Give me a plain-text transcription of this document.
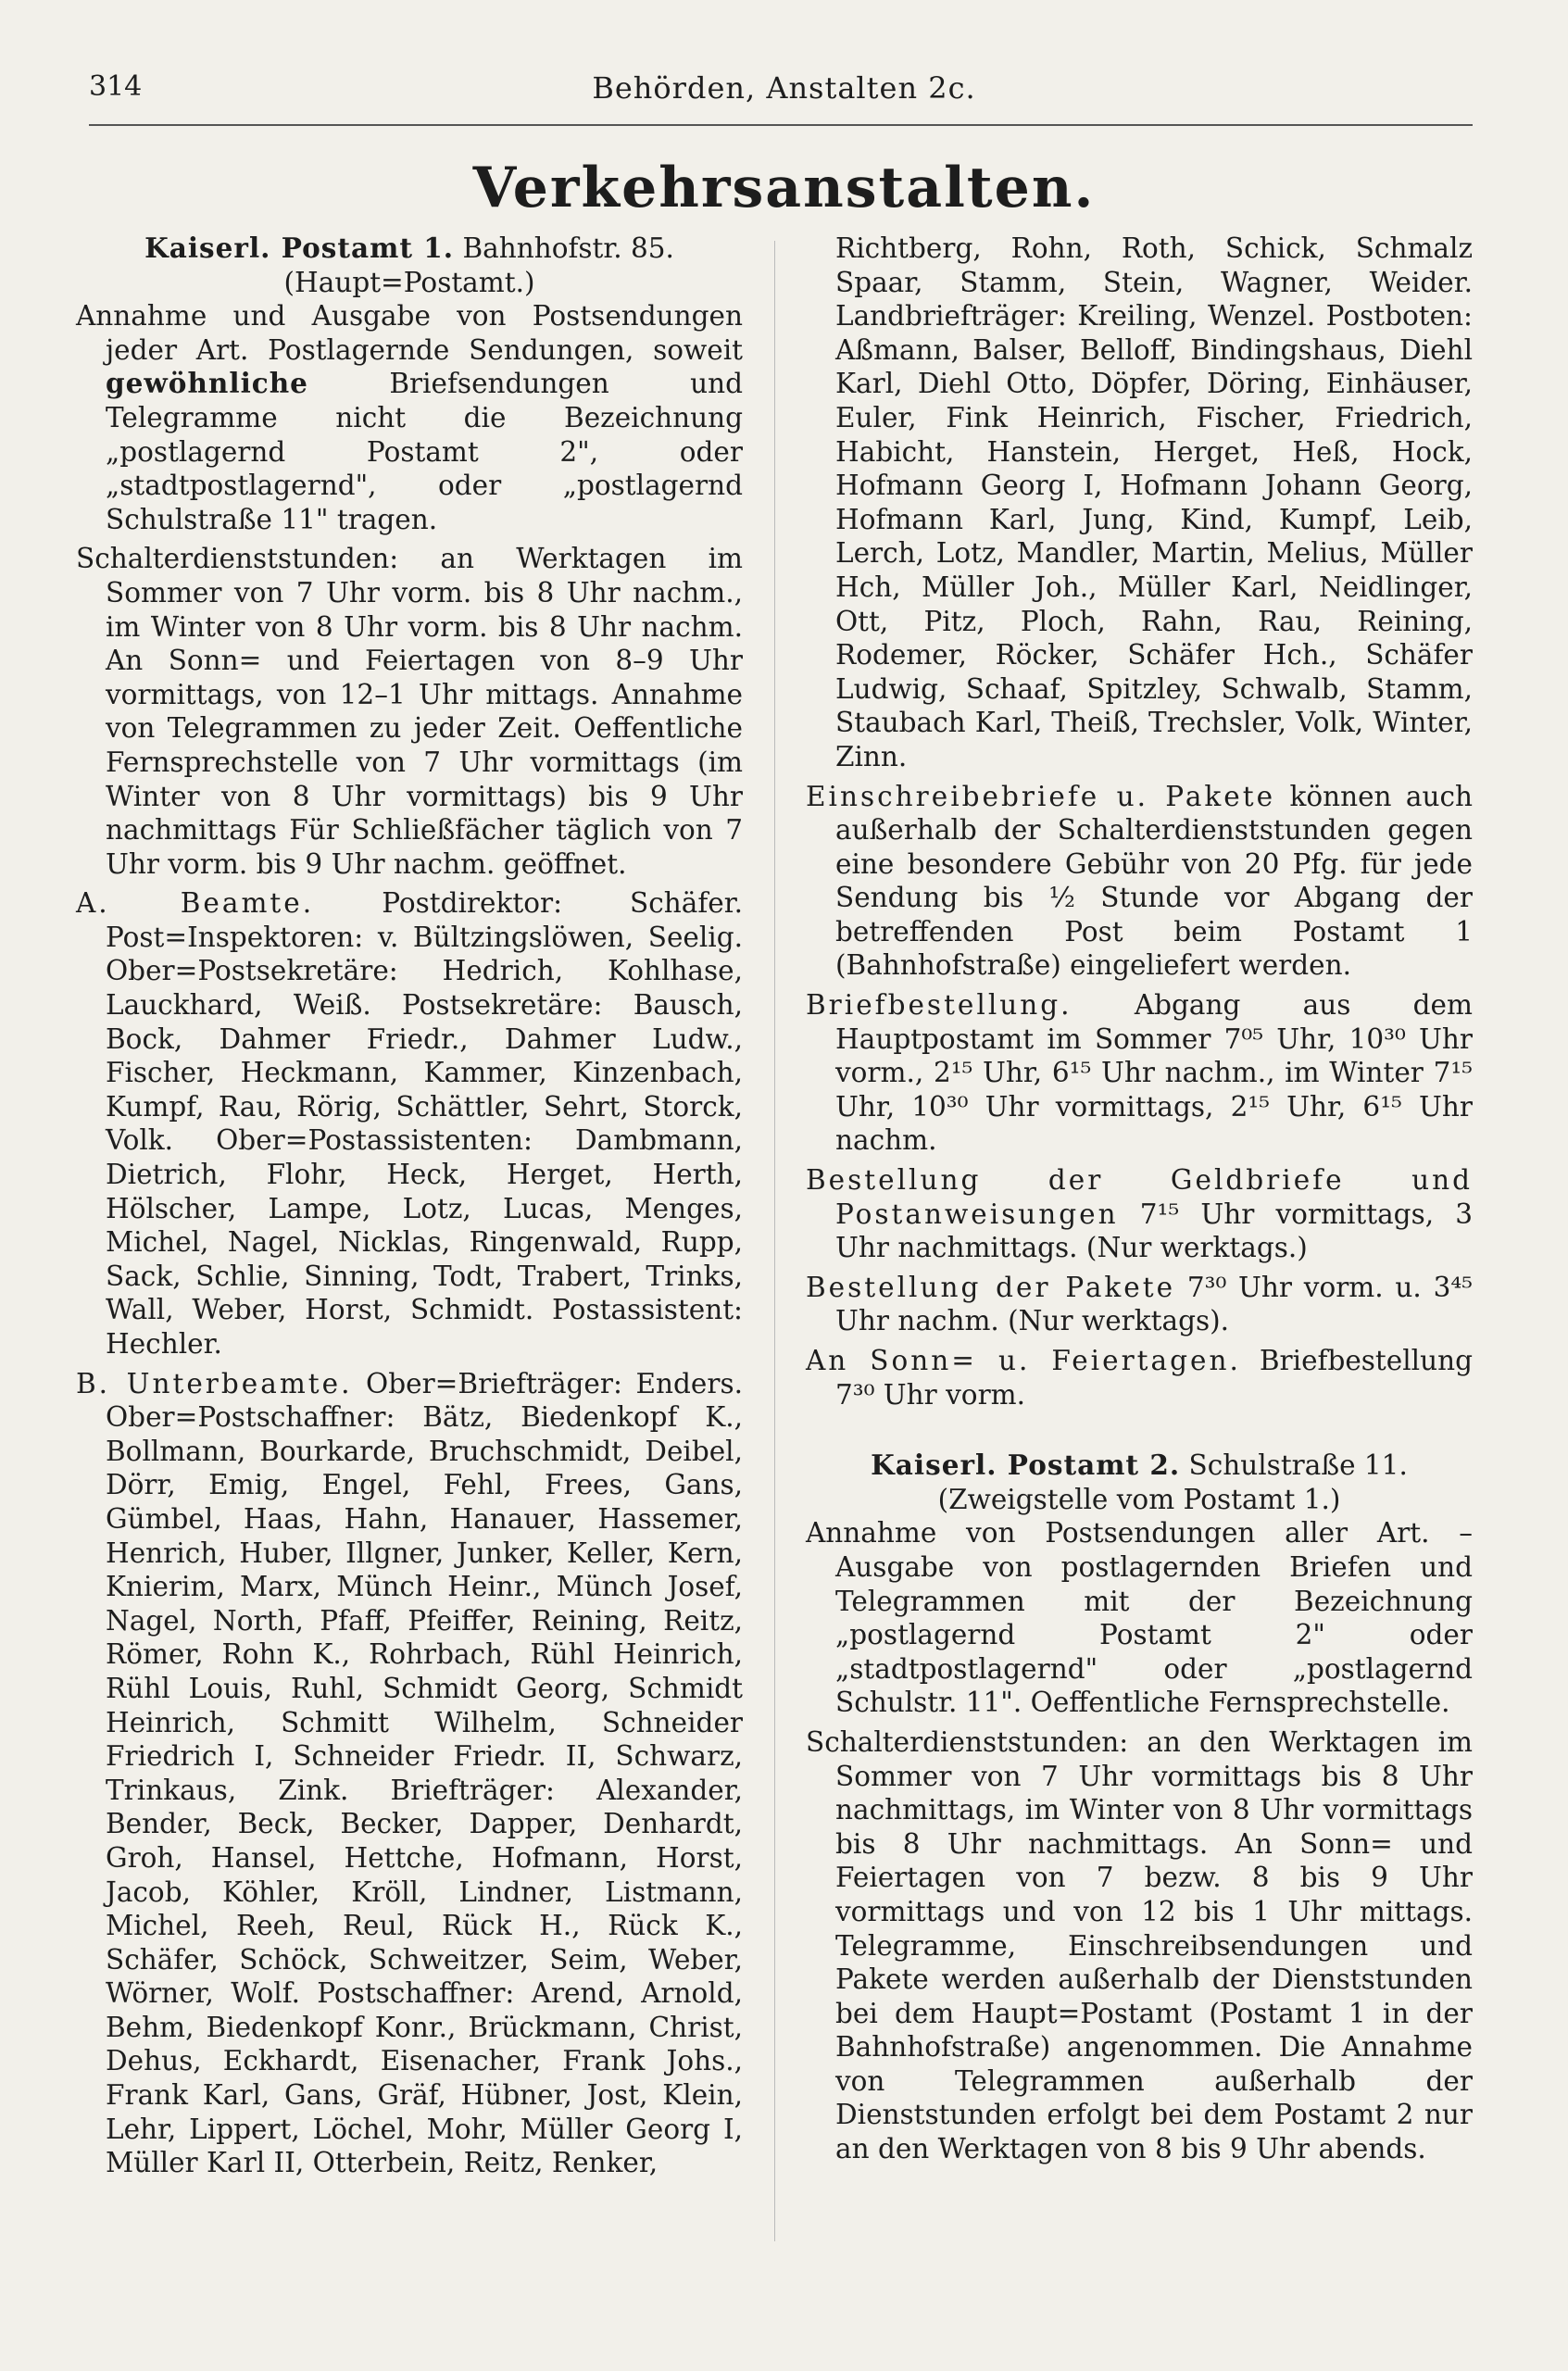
314	Behörden, Anstalten 2c.
Verkehrsanstalten.

Kaiserl. Postamt 1. Bahnhofstr. 85.

(Haupt=Postamt.)

Annahme und Ausgabe von Postsendungen jeder Art. Postlagernde Sendungen, soweit gewöhnliche	Briefsendungen und Telegramme nicht die Bezeichnung „postlagernd Postamt 2", oder „stadtpostlagernd", oder „postlagernd Schulstraße 11" tragen.

Schalterdienststunden: an Werktagen im Sommer von 7 Uhr vorm. bis 8 Uhr nachm., im Winter von 8 Uhr vorm. bis 8 Uhr nachm. An Sonn= und Feiertagen von 8–9 Uhr vormittags, von 12–1 Uhr mittags. Annahme von Telegrammen zu jeder Zeit. Oeffentliche Fernsprechstelle von 7 Uhr vormittags (im Winter von 8 Uhr vormittags) bis 9 Uhr nachmittags Für Schließfächer täglich von 7 Uhr vorm. bis 9 Uhr nachm. geöffnet.

A. Beamte. Postdirektor: Schäfer. Post=Inspektoren: v. Bültzingslöwen, Seelig. Ober=Postsekretäre: Hedrich, Kohlhase, Lauckhard, Weiß. Postsekretäre: Bausch, Bock, Dahmer Friedr., Dahmer Ludw., Fischer, Heckmann, Kammer, Kinzenbach, Kumpf, Rau, Rörig, Schättler, Sehrt, Storck, Volk. Ober=Postassistenten: Dambmann, Dietrich, Flohr, Heck, Herget, Herth, Hölscher, Lampe, Lotz, Lucas, Menges, Michel, Nagel, Nicklas, Ringenwald, Rupp, Sack, Schlie, Sinning, Todt, Trabert, Trinks, Wall, Weber, Horst, Schmidt. Postassistent: Hechler.

B. Unterbeamte. Ober=Briefträger: Enders. Ober=Postschaffner: Bätz, Biedenkopf K., Bollmann, Bourkarde, Bruchschmidt, Deibel, Dörr, Emig, Engel, Fehl, Frees, Gans, Gümbel, Haas, Hahn, Hanauer, Hassemer, Henrich, Huber, Illgner, Junker, Keller, Kern, Knierim, Marx, Münch Heinr., Münch Josef, Nagel, North, Pfaff, Pfeiffer, Reining, Reitz, Römer, Rohn K., Rohrbach, Rühl Heinrich, Rühl Louis, Ruhl, Schmidt Georg, Schmidt Heinrich, Schmitt Wilhelm, Schneider Friedrich I, Schneider Friedr. II, Schwarz, Trinkaus, Zink. Briefträger: Alexander, Bender, Beck, Becker, Dapper, Denhardt, Groh, Hansel, Hettche, Hofmann, Horst, Jacob, Köhler, Kröll, Lindner, Listmann, Michel, Reeh, Reul, Rück H., Rück K., Schäfer, Schöck, Schweitzer, Seim, Weber, Wörner, Wolf. Postschaffner: Arend, Arnold, Behm, Biedenkopf Konr., Brückmann, Christ, Dehus, Eckhardt, Eisenacher, Frank Johs., Frank Karl, Gans, Gräf, Hübner, Jost, Klein, Lehr, Lippert, Löchel, Mohr, Müller Georg I, Müller Karl II, Otterbein, Reitz, Renker,

Richtberg, Rohn, Roth, Schick, Schmalz Spaar, Stamm, Stein, Wagner, Weider. Landbriefträger: Kreiling, Wenzel. Postboten: Aßmann, Balser, Belloff, Bindingshaus, Diehl Karl, Diehl Otto, Döpfer, Döring, Einhäuser, Euler, Fink Heinrich, Fischer, Friedrich, Habicht, Hanstein, Herget, Heß, Hock, Hofmann Georg I, Hofmann Johann Georg, Hofmann Karl, Jung, Kind, Kumpf, Leib, Lerch, Lotz, Mandler, Martin, Melius, Müller Hch, Müller Joh., Müller Karl, Neidlinger, Ott, Pitz, Ploch, Rahn, Rau, Reining, Rodemer, Röcker, Schäfer Hch., Schäfer Ludwig, Schaaf, Spitzley, Schwalb, Stamm, Staubach Karl, Theiß, Trechsler, Volk, Winter, Zinn.

Einschreibebriefe u. Pakete können auch außerhalb der Schalterdienststunden gegen eine besondere Gebühr von 20 Pfg. für jede Sendung bis ½ Stunde vor Abgang der betreffenden Post beim Postamt 1 (Bahnhofstraße) eingeliefert werden.

Briefbestellung. Abgang aus dem Hauptpostamt im Sommer 7⁰⁵ Uhr, 10³⁰ Uhr vorm., 2¹⁵ Uhr, 6¹⁵ Uhr nachm., im Winter 7¹⁵ Uhr, 10³⁰ Uhr vormittags, 2¹⁵ Uhr, 6¹⁵ Uhr nachm.

Bestellung der Geldbriefe und Postanweisungen 7¹⁵ Uhr vormittags, 3 Uhr nachmittags. (Nur werktags.)

Bestellung der Pakete 7³⁰ Uhr vorm. u. 3⁴⁵ Uhr nachm. (Nur werktags).

An Sonn= u. Feiertagen. Briefbestellung 7³⁰ Uhr vorm.

Kaiserl. Postamt 2. Schulstraße 11.

(Zweigstelle vom Postamt 1.)

Annahme von Postsendungen aller Art. – Ausgabe von postlagernden Briefen und Telegrammen mit der Bezeichnung „postlagernd Postamt 2" oder „stadtpostlagernd" oder „postlagernd Schulstr. 11". Oeffentliche Fernsprechstelle.

Schalterdienststunden: an den Werktagen im Sommer von 7 Uhr vormittags bis 8 Uhr nachmittags, im Winter von 8 Uhr vormittags bis 8 Uhr nachmittags. An Sonn= und Feiertagen von 7 bezw. 8 bis 9 Uhr vormittags und von 12 bis 1 Uhr mittags. Telegramme, Einschreibsendungen und Pakete werden außerhalb der Dienststunden bei dem Haupt=Postamt (Postamt 1 in der Bahnhofstraße) angenommen. Die Annahme von Telegrammen außerhalb der Dienststunden erfolgt bei dem Postamt 2 nur an den Werktagen von 8 bis 9 Uhr abends.
